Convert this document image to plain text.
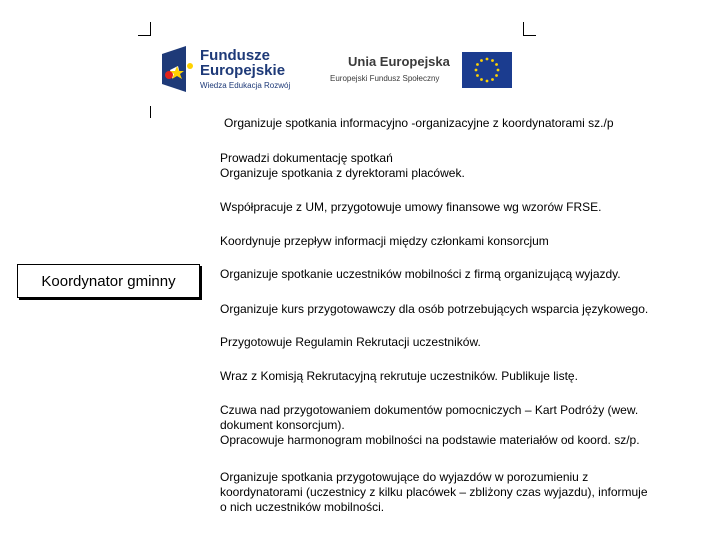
Fundusze
Europejskie
Wiedza Edukacja Rozwój
Unia Europejska
Europejski Fundusz Społeczny
Koordynator gminny
Organizuje spotkania informacyjno -organizacyjne z koordynatorami sz./p
Prowadzi dokumentację spotkań
Organizuje spotkania z dyrektorami placówek.
Współpracuje z UM, przygotowuje umowy finansowe wg wzorów FRSE.
Koordynuje przepływ informacji między członkami konsorcjum
Organizuje spotkanie uczestników mobilności z firmą organizującą wyjazdy.
Organizuje kurs przygotowawczy dla osób potrzebujących wsparcia językowego.
Przygotowuje Regulamin Rekrutacji uczestników.
Wraz z Komisją Rekrutacyjną rekrutuje uczestników. Publikuje listę.
Czuwa nad przygotowaniem dokumentów pomocniczych – Kart Podróży (wew.
dokument konsorcjum).
Opracowuje harmonogram mobilności na podstawie materiałów od koord. sz/p.
Organizuje spotkania przygotowujące do wyjazdów w porozumieniu z
koordynatorami (uczestnicy z kilku placówek – zbliżony czas wyjazdu), informuje
o nich uczestników mobilności.
